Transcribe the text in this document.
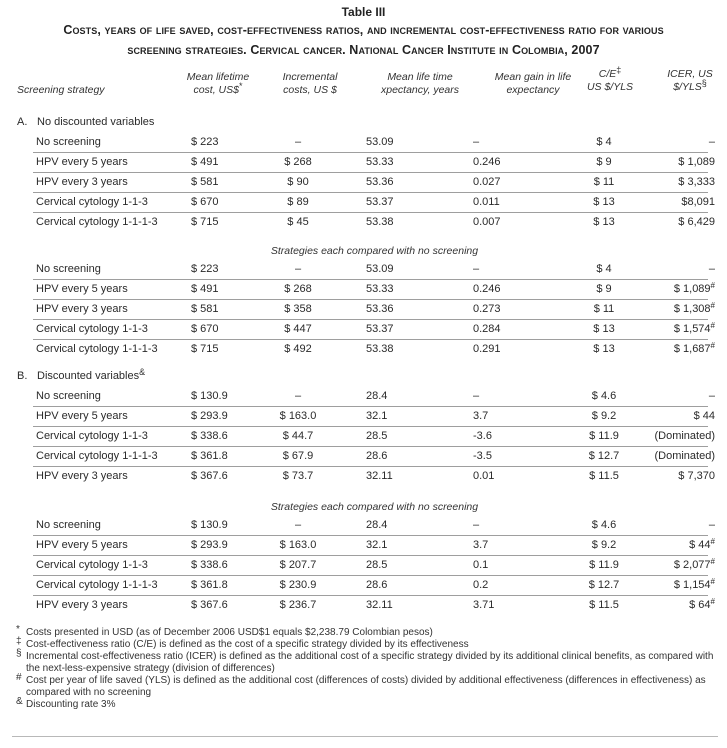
Table III
Costs, years of life saved, cost-effectiveness ratios, and incremental cost-effectiveness ratio for various
screening strategies. Cervical cancer. National Cancer Institute in Colombia, 2007
Screening strategy
Mean lifetime
cost, US$*
Incremental
costs, US $
Mean life time
xpectancy, years
Mean gain in life
expectancy
C/E‡
US $/YLS
ICER, US
$/YLS§
A. No discounted variables
No screening	$ 223	–	53.09	–	$ 4	–
HPV every 5 years	$ 491	$ 268	53.33	0.246	$ 9	$ 1,089
HPV every 3 years	$ 581	$ 90	53.36	0.027	$ 11	$ 3,333
Cervical cytology 1-1-3	$ 670	$ 89	53.37	0.011	$ 13	$8,091
Cervical cytology 1-1-1-3	$ 715	$ 45	53.38	0.007	$ 13	$ 6,429
Strategies each compared with no screening
No screening	$ 223	–	53.09	–	$ 4	–
HPV every 5 years	$ 491	$ 268	53.33	0.246	$ 9	$ 1,089#
HPV every 3 years	$ 581	$ 358	53.36	0.273	$ 11	$ 1,308#
Cervical cytology 1-1-3	$ 670	$ 447	53.37	0.284	$ 13	$ 1,574#
Cervical cytology 1-1-1-3	$ 715	$ 492	53.38	0.291	$ 13	$ 1,687#
B. Discounted variables&
No screening	$ 130.9	–	28.4	–	$ 4.6	–
HPV every 5 years	$ 293.9	$ 163.0	32.1	3.7	$ 9.2	$ 44
Cervical cytology 1-1-3	$ 338.6	$ 44.7	28.5	-3.6	$ 11.9	(Dominated)
Cervical cytology 1-1-1-3	$ 361.8	$ 67.9	28.6	-3.5	$ 12.7	(Dominated)
HPV every 3 years	$ 367.6	$ 73.7	32.11	0.01	$ 11.5	$ 7,370
Strategies each compared with no screening
No screening	$ 130.9	–	28.4	–	$ 4.6	–
HPV every 5 years	$ 293.9	$ 163.0	32.1	3.7	$ 9.2	$ 44#
Cervical cytology 1-1-3	$ 338.6	$ 207.7	28.5	0.1	$ 11.9	$ 2,077#
Cervical cytology 1-1-1-3	$ 361.8	$ 230.9	28.6	0.2	$ 12.7	$ 1,154#
HPV every 3 years	$ 367.6	$ 236.7	32.11	3.71	$ 11.5	$ 64#
* Costs presented in USD (as of December 2006 USD$1 equals $2,238.79 Colombian pesos)
‡ Cost-effectiveness ratio (C/E) is defined as the cost of a specific strategy divided by its effectiveness
§ Incremental cost-effectiveness ratio (ICER) is defined as the additional cost of a specific strategy divided by its additional clinical benefits, as compared with the next-less-expensive strategy (division of differences)
# Cost per year of life saved (YLS) is defined as the additional cost (differences of costs) divided by additional effectiveness (differences in effectiveness) as compared with no screening
& Discounting rate 3%
